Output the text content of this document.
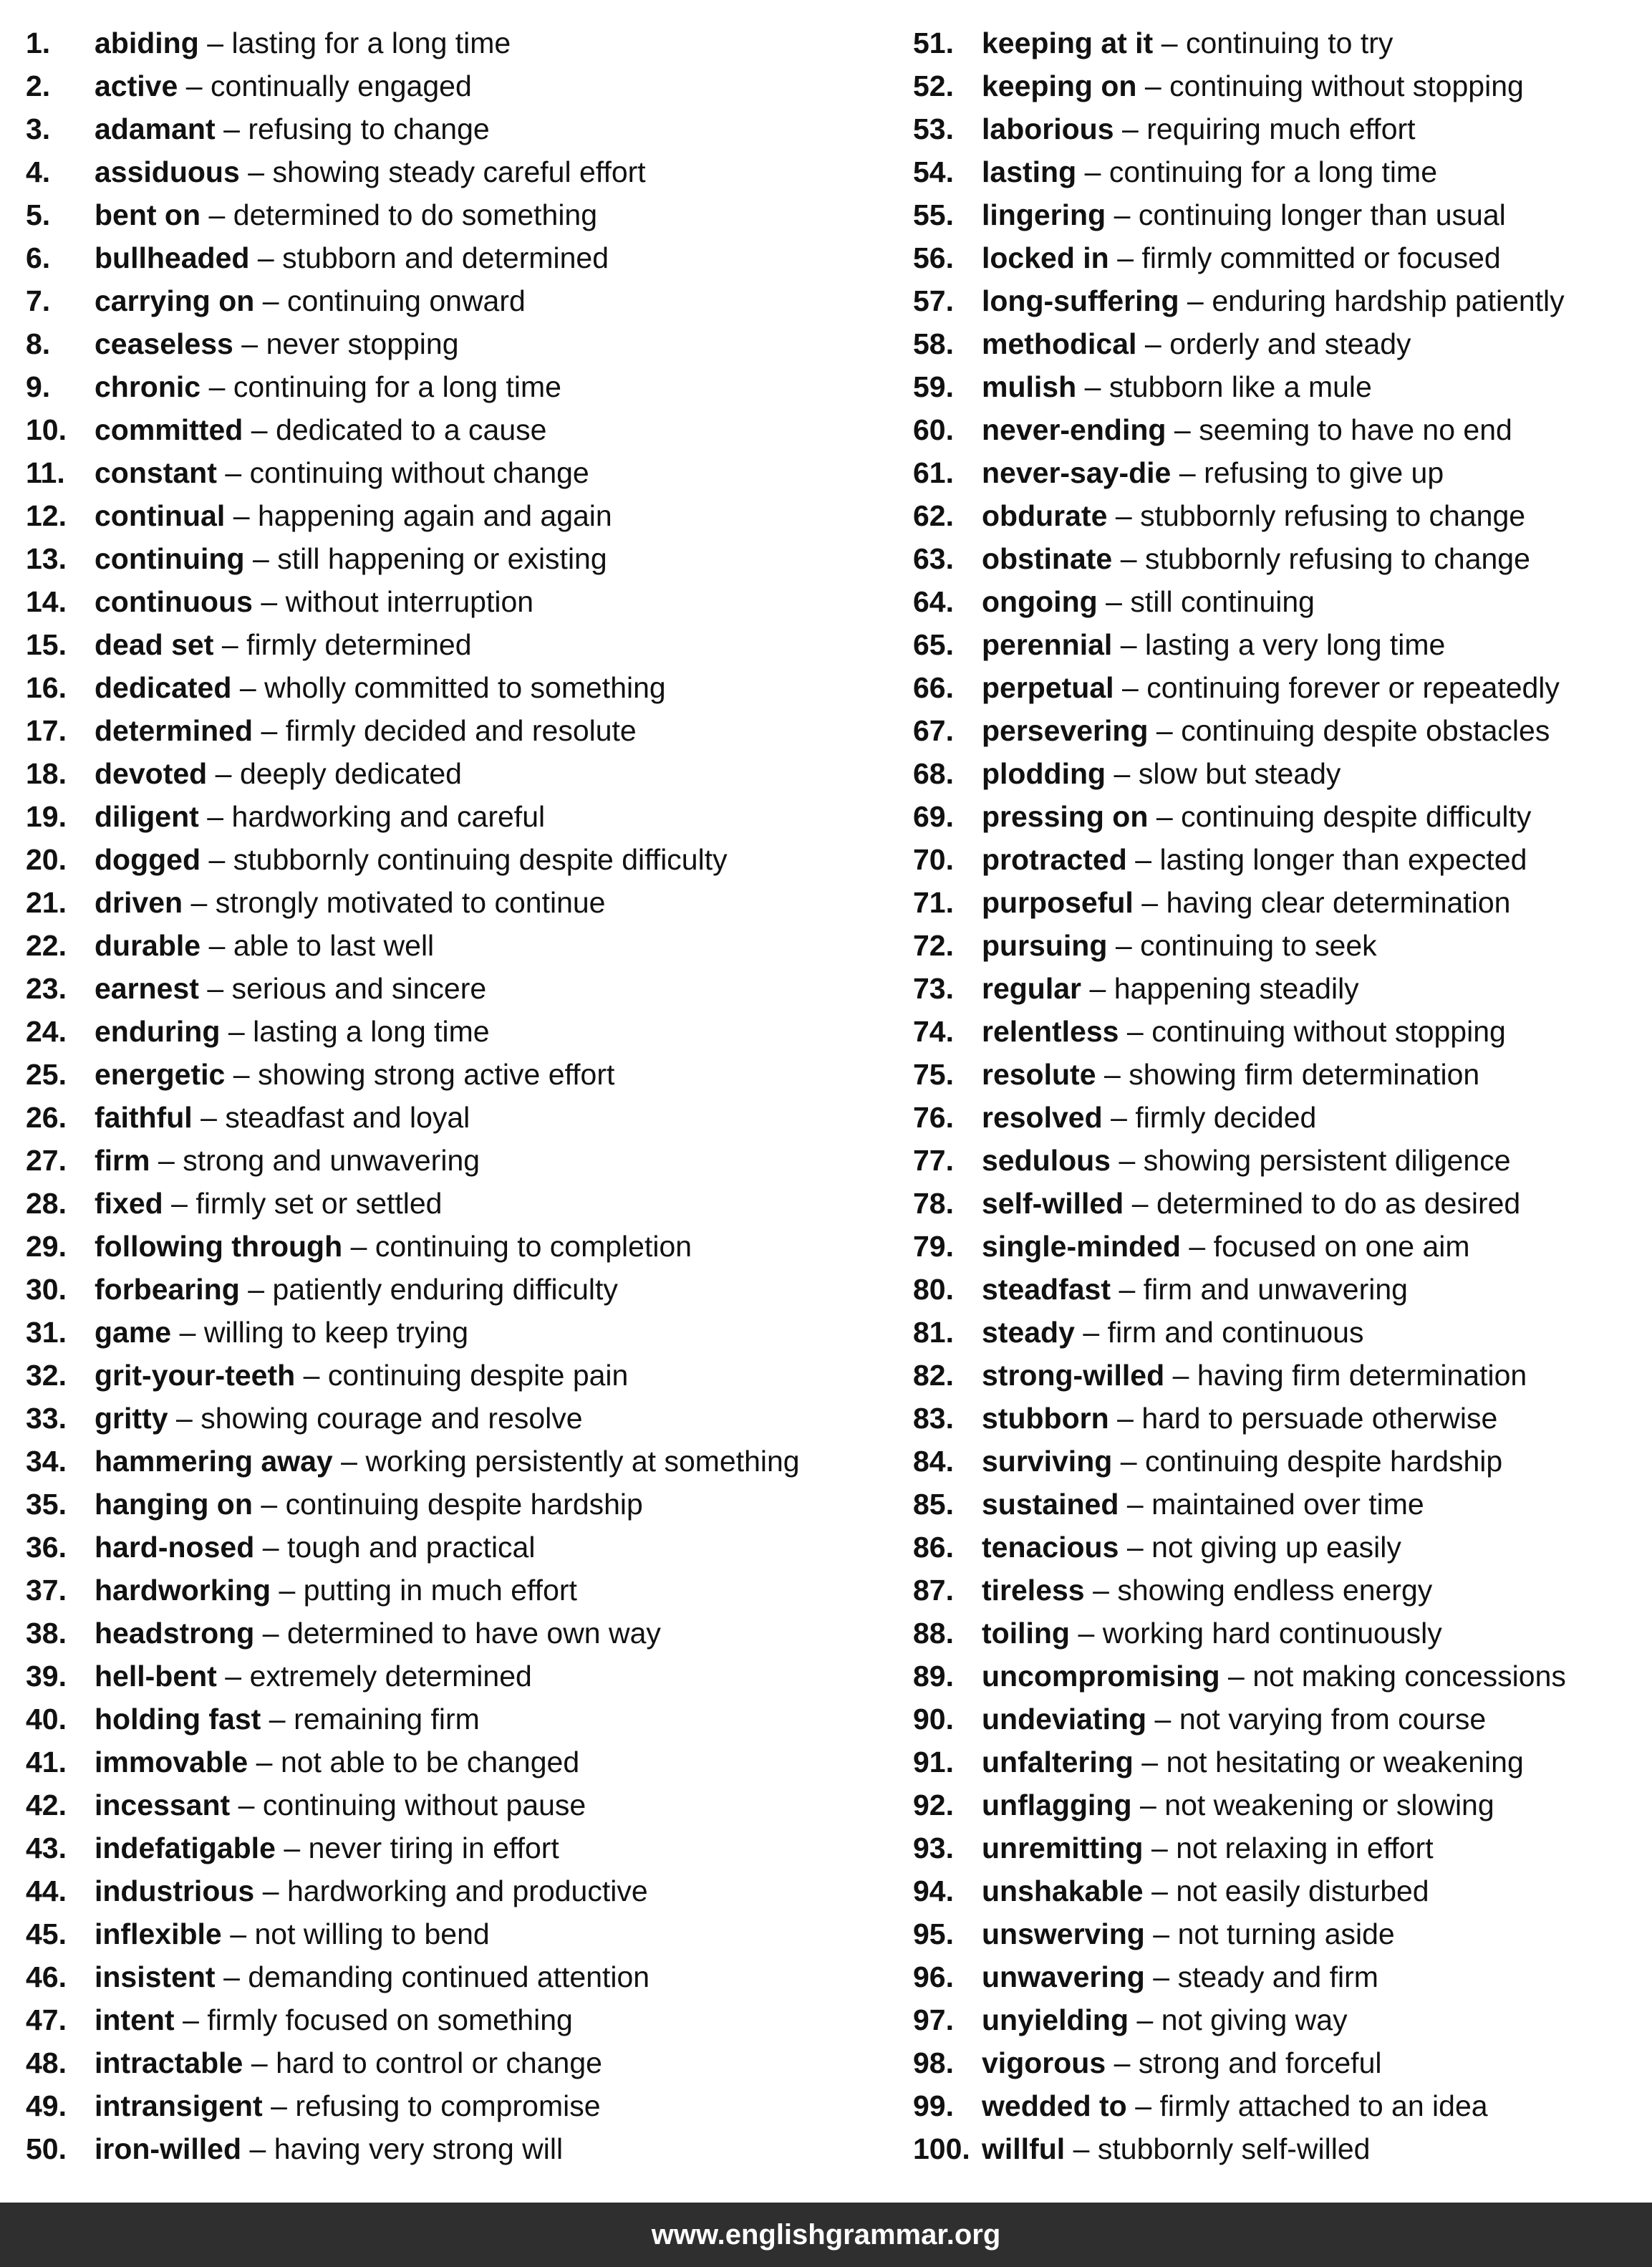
1.	abiding – lasting for a long time
2.	active – continually engaged
3.	adamant – refusing to change
4.	assiduous – showing steady careful effort
5.	bent on – determined to do something
6.	bullheaded – stubborn and determined
7.	carrying on – continuing onward
8.	ceaseless – never stopping
9.	chronic – continuing for a long time
10. committed – dedicated to a cause
11.	constant – continuing without change
12. continual – happening again and again
13. continuing – still happening or existing
14. continuous – without interruption
15. dead set – firmly determined
16. dedicated – wholly committed to something
17. determined – firmly decided and resolute
18. devoted – deeply dedicated
19. diligent – hardworking and careful
20. dogged – stubbornly continuing despite difficulty
21. driven – strongly motivated to continue
22. durable – able to last well
23. earnest – serious and sincere
24. enduring – lasting a long time
25. energetic – showing strong active effort
26. faithful – steadfast and loyal
27. firm – strong and unwavering
28. fixed – firmly set or settled
29. following through – continuing to completion
30. forbearing – patiently enduring difficulty
31. game – willing to keep trying
32. grit-your-teeth – continuing despite pain
33. gritty – showing courage and resolve
34. hammering away – working persistently at something
35. hanging on – continuing despite hardship
36. hard-nosed – tough and practical
37. hardworking – putting in much effort
38. headstrong – determined to have own way
39. hell-bent – extremely determined
40. holding fast – remaining firm
41. immovable – not able to be changed
42. incessant – continuing without pause
43. indefatigable – never tiring in effort
44. industrious – hardworking and productive
45. inflexible – not willing to bend
46. insistent – demanding continued attention
47. intent – firmly focused on something
48. intractable – hard to control or change
49. intransigent – refusing to compromise
50. iron-willed – having very strong will
51. keeping at it – continuing to try
52. keeping on – continuing without stopping
53. laborious – requiring much effort
54. lasting – continuing for a long time
55. lingering – continuing longer than usual
56. locked in – firmly committed or focused
57. long-suffering – enduring hardship patiently
58. methodical – orderly and steady
59. mulish – stubborn like a mule
60. never-ending – seeming to have no end
61. never-say-die – refusing to give up
62. obdurate – stubbornly refusing to change
63. obstinate – stubbornly refusing to change
64. ongoing – still continuing
65. perennial – lasting a very long time
66. perpetual – continuing forever or repeatedly
67. persevering – continuing despite obstacles
68. plodding – slow but steady
69. pressing on – continuing despite difficulty
70. protracted – lasting longer than expected
71. purposeful – having clear determination
72. pursuing – continuing to seek
73. regular – happening steadily
74. relentless – continuing without stopping
75. resolute – showing firm determination
76. resolved – firmly decided
77. sedulous – showing persistent diligence
78. self-willed – determined to do as desired
79. single-minded – focused on one aim
80. steadfast – firm and unwavering
81. steady – firm and continuous
82. strong-willed – having firm determination
83. stubborn – hard to persuade otherwise
84. surviving – continuing despite hardship
85. sustained – maintained over time
86. tenacious – not giving up easily
87. tireless – showing endless energy
88. toiling – working hard continuously
89. uncompromising – not making concessions
90. undeviating – not varying from course
91. unfaltering – not hesitating or weakening
92. unflagging – not weakening or slowing
93. unremitting – not relaxing in effort
94. unshakable – not easily disturbed
95. unswerving – not turning aside
96. unwavering – steady and firm
97. unyielding – not giving way
98. vigorous – strong and forceful
99. wedded to – firmly attached to an idea
100. willful – stubbornly self-willed
www.englishgrammar.org
